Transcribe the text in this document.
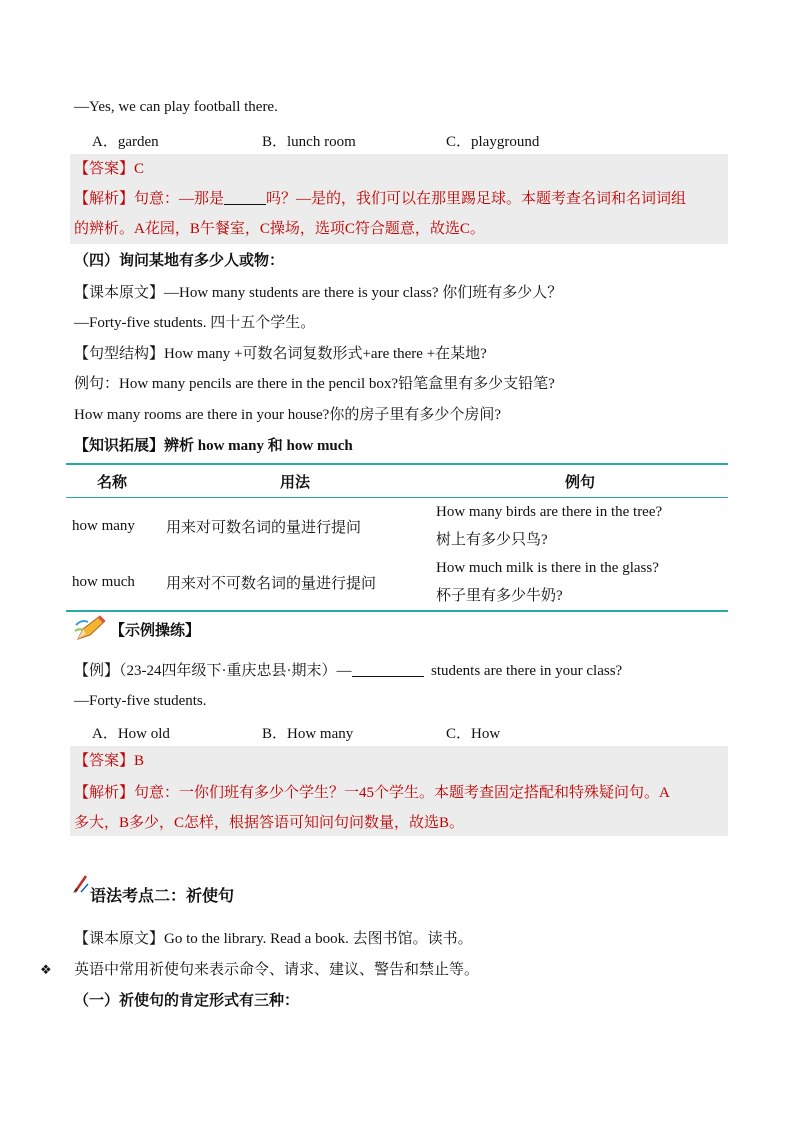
—Yes, we can play football there.
A．garden	B．lunch room	C．playground
【答案】C
【解析】句意：—那是	吗？—是的，我们可以在那里踢足球。本题考查名词和名词词组
的辨析。A花园，B午餐室，C操场，选项C符合题意，故选C。
（四）询问某地有多少人或物：
【课本原文】—How many students are there is your class? 你们班有多少人？
—Forty-five students. 四十五个学生。
【句型结构】How many +可数名词复数形式+are there +在某地?
例句：How many pencils are there in the pencil box?铅笔盒里有多少支铅笔?
How many rooms are there in your house?你的房子里有多少个房间?
【知识拓展】辨析 how many 和 how much
名称	用法	例句
how many	用来对可数名词的量进行提问	How many birds are there in the tree?
树上有多少只鸟?

how much	用来对不可数名词的量进行提问	How much milk is there in the glass?
杯子里有多少牛奶?
【示例操练】
【例】（23-24四年级下·重庆忠县·期末）—	students are there in your class?
—Forty-five students.
A．How old	B．How many	C．How
【答案】B
【解析】句意：一你们班有多少个学生？一45个学生。本题考查固定搭配和特殊疑问句。A
多大，B多少，C怎样，根据答语可知问句问数量，故选B。
语法考点二：祈使句
【课本原文】Go to the library. Read a book. 去图书馆。读书。
❖ 英语中常用祈使句来表示命令、请求、建议、警告和禁止等。
（一）祈使句的肯定形式有三种：
